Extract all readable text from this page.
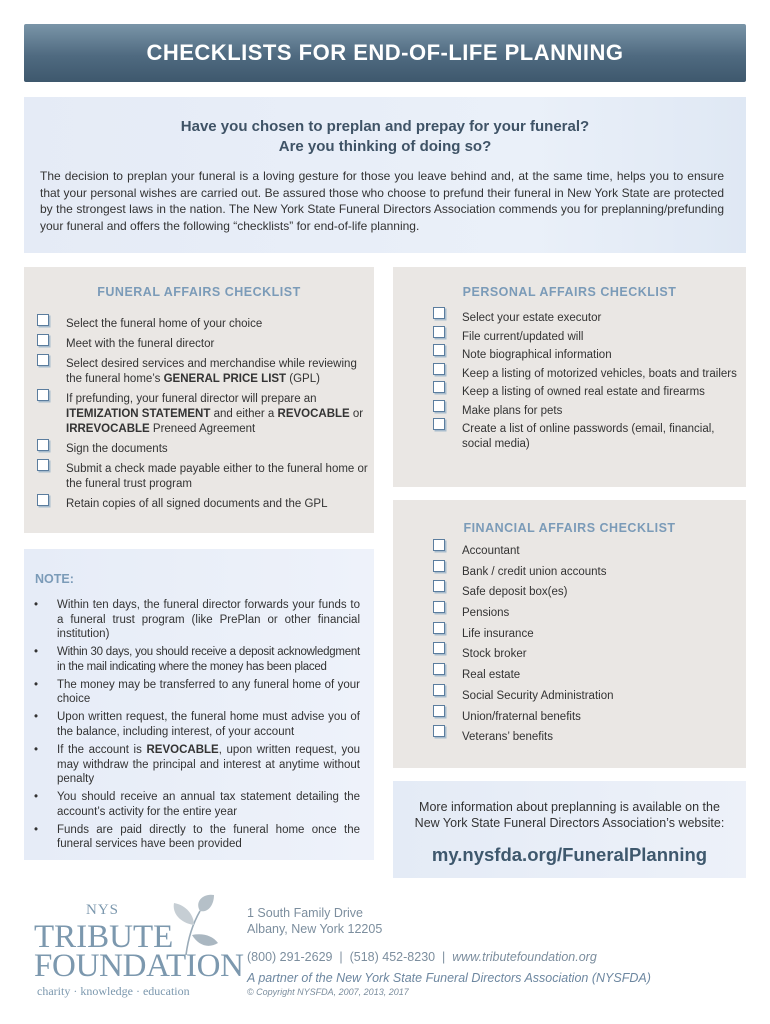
CHECKLISTS FOR END-OF-LIFE PLANNING
Have you chosen to preplan and prepay for your funeral?
Are you thinking of doing so?

The decision to preplan your funeral is a loving gesture for those you leave behind and, at the same time, helps you to ensure that your personal wishes are carried out. Be assured those who choose to prefund their funeral in New York State are protected by the strongest laws in the nation. The New York State Funeral Directors Association commends you for preplanning/prefunding your funeral and offers the following “checklists” for end-of-life planning.

FUNERAL AFFAIRS CHECKLIST
Select the funeral home of your choice
Meet with the funeral director
Select desired services and merchandise while reviewing the funeral home’s GENERAL PRICE LIST (GPL)
If prefunding, your funeral director will prepare an ITEMIZATION STATEMENT and either a REVOCABLE or IRREVOCABLE Preneed Agreement
Sign the documents
Submit a check made payable either to the funeral home or the funeral trust program
Retain copies of all signed documents and the GPL
PERSONAL AFFAIRS CHECKLIST
Select your estate executor
File current/updated will
Note biographical information
Keep a listing of motorized vehicles, boats and trailers
Keep a listing of owned real estate and firearms
Make plans for pets
Create a list of online passwords (email, financial, social media)
FINANCIAL AFFAIRS CHECKLIST
Accountant
Bank / credit union accounts
Safe deposit box(es)
Pensions
Life insurance
Stock broker
Real estate
Social Security Administration
Union/fraternal benefits
Veterans’ benefits
NOTE:
• Within ten days, the funeral director forwards your funds to a funeral trust program (like PrePlan or other financial institution)
• Within 30 days, you should receive a deposit acknowledgment in the mail indicating where the money has been placed
• The money may be transferred to any funeral home of your choice
• Upon written request, the funeral home must advise you of the balance, including interest, of your account
• If the account is REVOCABLE, upon written request, you may withdraw the principal and interest at anytime without penalty
• You should receive an annual tax statement detailing the account’s activity for the entire year
• Funds are paid directly to the funeral home once the funeral services have been provided

More information about preplanning is available on the
New York State Funeral Directors Association’s website:

my.nysfda.org/FuneralPlanning
NYS
TRIBUTE
FOUNDATION
charity · knowledge · education
1 South Family Drive
Albany, New York 12205
(800) 291-2629  |  (518) 452-8230  |  www.tributefoundation.org
A partner of the New York State Funeral Directors Association (NYSFDA)
© Copyright NYSFDA, 2007, 2013, 2017
